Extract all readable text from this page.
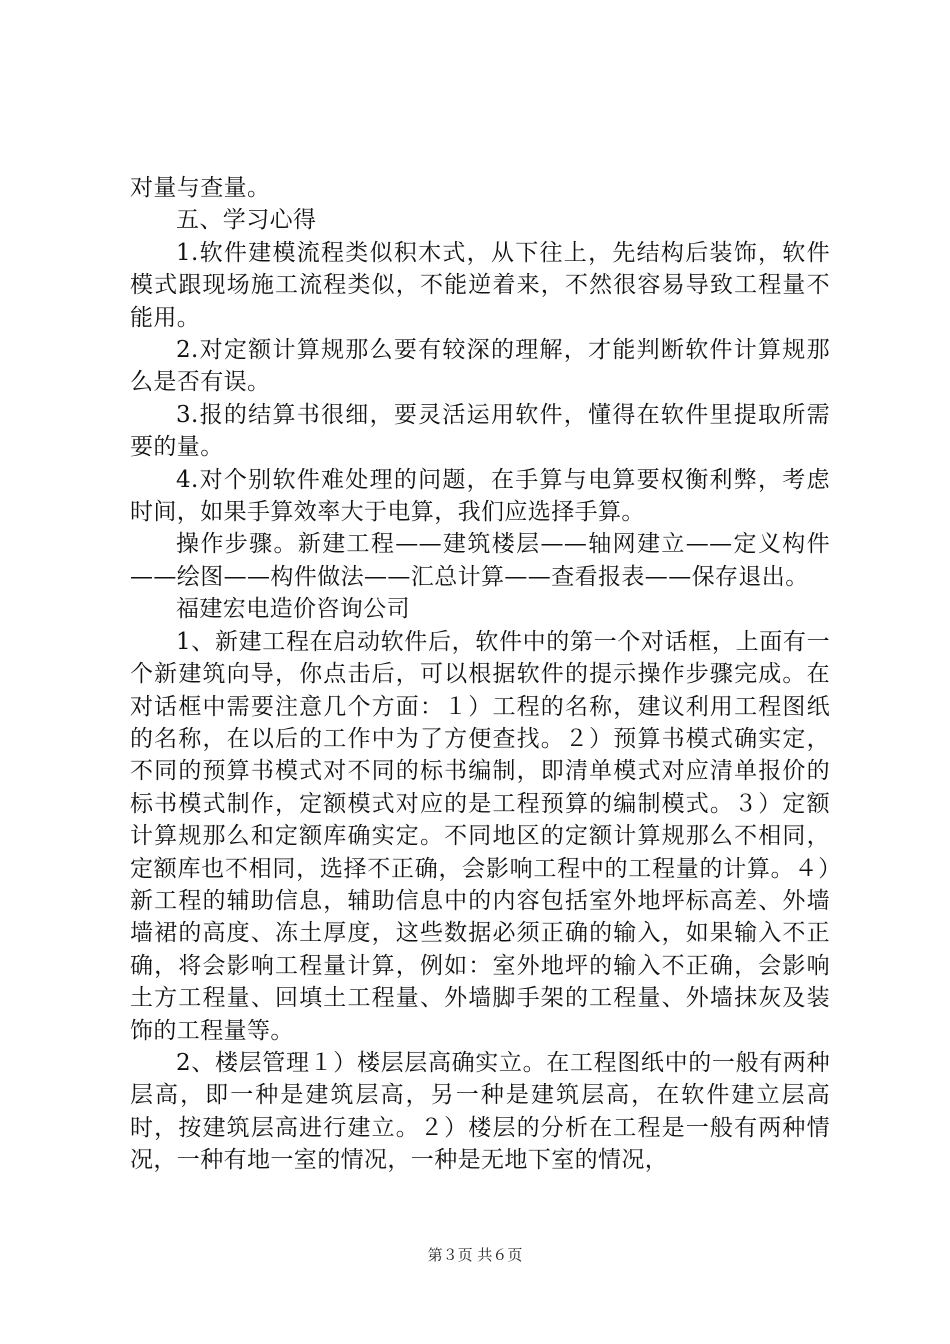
对量与查量。

五、学习心得

1.软件建模流程类似积木式，从下往上，先结构后装饰，软件模式跟现场施工流程类似，不能逆着来，不然很容易导致工程量不能用。

2.对定额计算规那么要有较深的理解，才能判断软件计算规那么是否有误。

3.报的结算书很细，要灵活运用软件，懂得在软件里提取所需要的量。

4.对个别软件难处理的问题，在手算与电算要权衡利弊，考虑时间，如果手算效率大于电算，我们应选择手算。

操作步骤。新建工程——建筑楼层——轴网建立——定义构件——绘图——构件做法——汇总计算——查看报表——保存退出。

福建宏电造价咨询公司

1、新建工程在启动软件后，软件中的第一个对话框，上面有一个新建筑向导，你点击后，可以根据软件的提示操作步骤完成。在对话框中需要注意几个方面：１）工程的名称，建议利用工程图纸的名称，在以后的工作中为了方便查找。２）预算书模式确实定，不同的预算书模式对不同的标书编制，即清单模式对应清单报价的标书模式制作，定额模式对应的是工程预算的编制模式。３）定额计算规那么和定额库确实定。不同地区的定额计算规那么不相同，定额库也不相同，选择不正确，会影响工程中的工程量的计算。４）新工程的辅助信息，辅助信息中的内容包括室外地坪标高差、外墙墙裙的高度、冻土厚度，这些数据必须正确的输入，如果输入不正确，将会影响工程量计算，例如：室外地坪的输入不正确，会影响土方工程量、回填土工程量、外墙脚手架的工程量、外墙抹灰及装饰的工程量等。

2、楼层管理１）楼层层高确实立。在工程图纸中的一般有两种层高，即一种是建筑层高，另一种是建筑层高，在软件建立层高时，按建筑层高进行建立。２）楼层的分析在工程是一般有两种情况，一种有地一室的情况，一种是无地下室的情况，

第３页 共６页
